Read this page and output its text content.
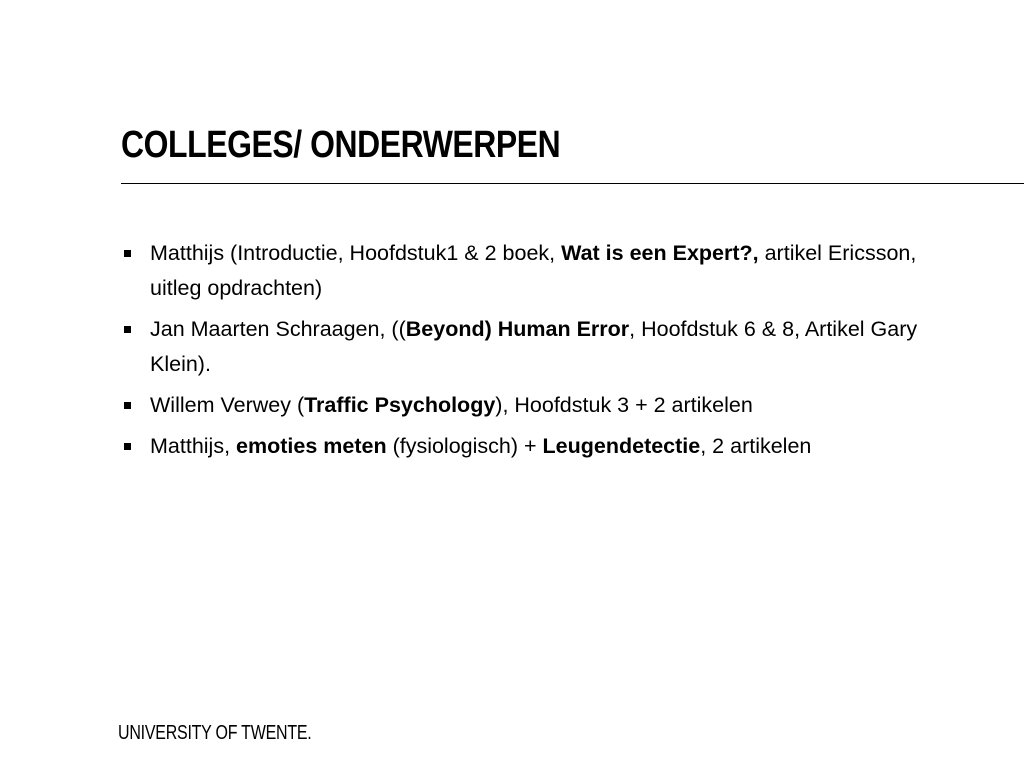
COLLEGES/ ONDERWERPEN
Matthijs (Introductie, Hoofdstuk1 & 2 boek, Wat is een Expert?, artikel Ericsson, uitleg opdrachten)
Jan Maarten Schraagen, ((Beyond) Human Error, Hoofdstuk 6 & 8, Artikel Gary Klein).
Willem Verwey (Traffic Psychology), Hoofdstuk 3 + 2 artikelen
Matthijs, emoties meten (fysiologisch) + Leugendetectie, 2 artikelen
UNIVERSITY OF TWENTE.
